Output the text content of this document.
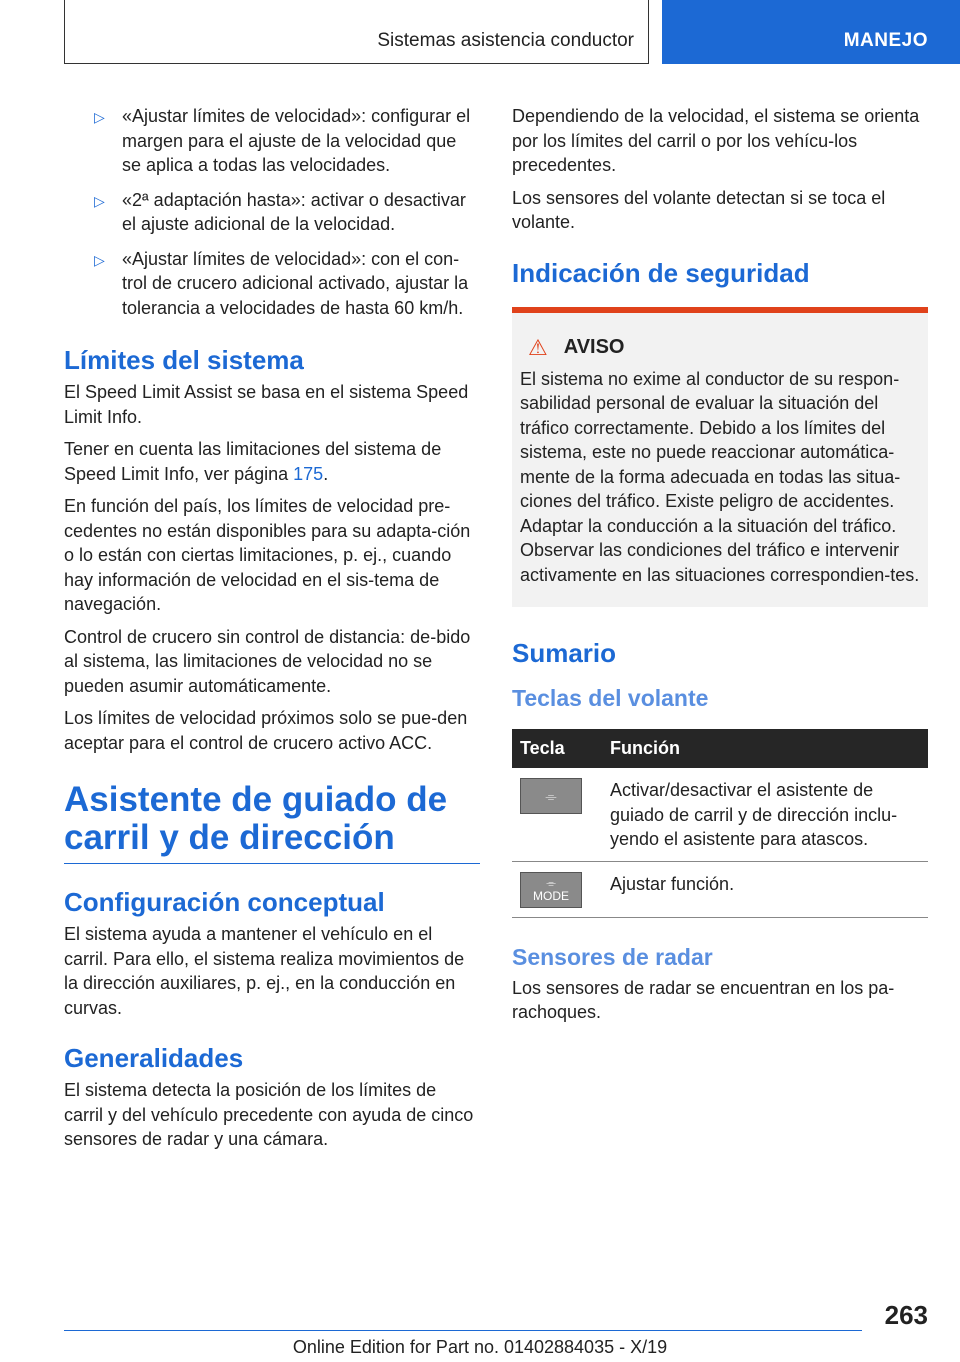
Sistemas asistencia conductor	MANEJO
▷ «Ajustar límites de velocidad»: configurar el margen para el ajuste de la velocidad que se aplica a todas las velocidades.
▷ «2ª adaptación hasta»: activar o desactivar el ajuste adicional de la velocidad.
▷ «Ajustar límites de velocidad»: con el con-trol de crucero adicional activado, ajustar la tolerancia a velocidades de hasta 60 km/h.
Límites del sistema

El Speed Limit Assist se basa en el sistema Speed Limit Info.

Tener en cuenta las limitaciones del sistema de Speed Limit Info, ver página 175.

En función del país, los límites de velocidad pre-cedentes no están disponibles para su adapta-ción o lo están con ciertas limitaciones, p. ej., cuando hay información de velocidad en el sis-tema de navegación.

Control de crucero sin control de distancia: de-bido al sistema, las limitaciones de velocidad no se pueden asumir automáticamente.

Los límites de velocidad próximos solo se pue-den aceptar para el control de crucero activo ACC.

Asistente de guiado de carril y de dirección
Configuración conceptual

El sistema ayuda a mantener el vehículo en el carril. Para ello, el sistema realiza movimientos de la dirección auxiliares, p. ej., en la conducción en curvas.

Generalidades

El sistema detecta la posición de los límites de carril y del vehículo precedente con ayuda de cinco sensores de radar y una cámara.

Dependiendo de la velocidad, el sistema se orienta por los límites del carril o por los vehícu-los precedentes.

Los sensores del volante detectan si se toca el volante.

Indicación de seguridad
⚠ AVISO

El sistema no exime al conductor de su respon-sabilidad personal de evaluar la situación del tráfico correctamente. Debido a los límites del sistema, este no puede reaccionar automática-mente de la forma adecuada en todas las situa-ciones del tráfico. Existe peligro de accidentes. Adaptar la conducción a la situación del tráfico. Observar las condiciones del tráfico e intervenir activamente en las situaciones correspondien-tes.

Sumario
Teclas del volante
Tecla	Función

⌯	Activar/desactivar el asistente de guiado de carril y de dirección inclu-yendo el asistente para atascos.

⌯
MODE	Ajustar función.
Sensores de radar

Los sensores de radar se encuentran en los pa-rachoques.

263
Online Edition for Part no. 01402884035 - X/19
